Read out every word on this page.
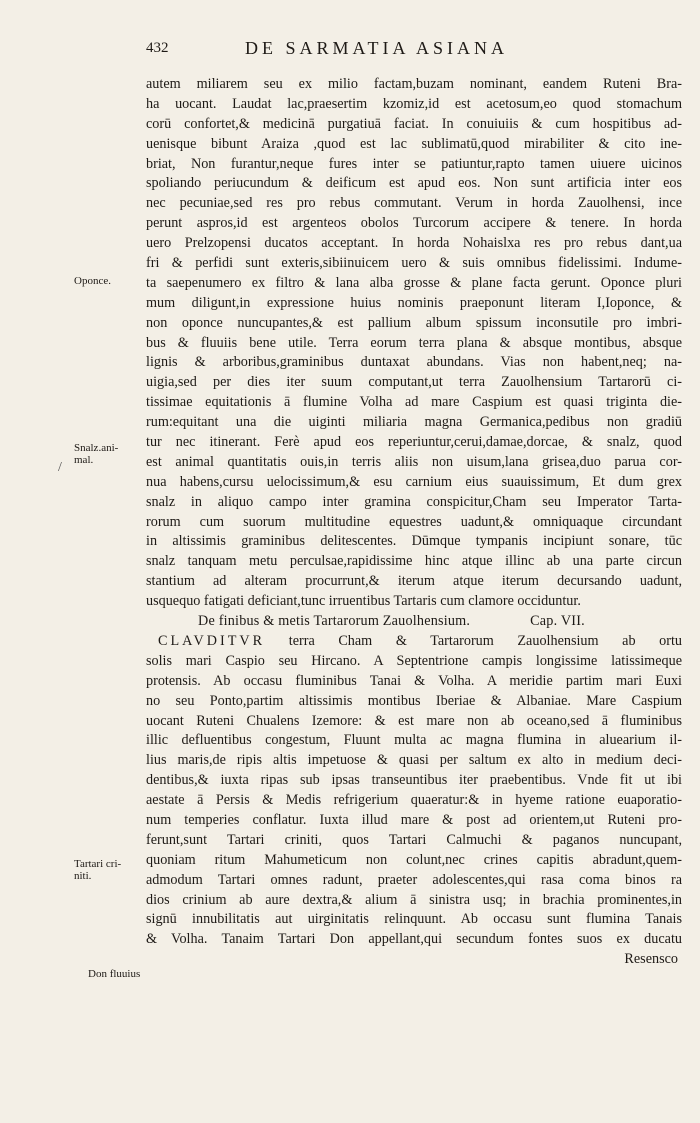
432	DE SARMATIA ASIANA
autem miliarem seu ex milio factam,buzam nominant, eandem Ruteni Bra-
ha uocant. Laudat lac,praesertim kzomiz,id est acetosum,eo quod stomachum
corū confortet,& medicinā purgatiuā faciat. In conuiuiis & cum hospitibus ad-
uenisque bibunt Araiza ,quod est lac sublimatū,quod mirabiliter & cito ine-
briat, Non furantur,neque fures inter se patiuntur,rapto tamen uiuere uicinos
spoliando periucundum & deificum est apud eos. Non sunt artificia inter eos
nec pecuniae,sed res pro rebus commutant. Verum in horda Zauolhensi, ince
perunt aspros,id est argenteos obolos Turcorum accipere & tenere. In horda
uero Prelzopensi ducatos acceptant. In horda Nohaislxa res pro rebus dant,ua
fri & perfidi sunt exteris,sibiinuicem uero & suis omnibus fidelissimi. Indume-
ta saepenumero ex filtro & lana alba grosse & plane facta gerunt. Oponce pluri
mum diligunt,in expressione huius nominis praeponunt literam I,Ioponce, &
non oponce nuncupantes,& est pallium album spissum inconsutile pro imbri-
bus & fluuiis bene utile. Terra eorum terra plana & absque montibus, absque
lignis & arboribus,graminibus duntaxat abundans. Vias non habent,neq; na-
uigia,sed per dies iter suum computant,ut terra Zauolhensium Tartarorū ci-
tissimae equitationis ā flumine Volha ad mare Caspium est quasi triginta die-
rum:equitant una die uiginti miliaria magna Germanica,pedibus non gradiū
tur nec itinerant. Ferè apud eos reperiuntur,cerui,damae,dorcae, & snalz, quod
est animal quantitatis ouis,in terris aliis non uisum,lana grisea,duo parua cor-
nua habens,cursu uelocissimum,& esu carnium eius suauissimum, Et dum grex
snalz in aliquo campo inter gramina conspicitur,Cham seu Imperator Tarta-
rorum cum suorum multitudine equestres uadunt,& omniquaque circundant
in altissimis graminibus delitescentes. Dūmque tympanis incipiunt sonare, tūc
snalz tanquam metu perculsae,rapidissime hinc atque illinc ab una parte circun
stantium ad alteram procurrunt,& iterum atque iterum decursando uadunt,
usquequo fatigati deficiant,tunc irruentibus Tartaris cum clamore occiduntur.
De finibus & metis Tartarorum Zauolhensium.	Cap. VII.
CLAVDITVR terra Cham & Tartarorum Zauolhensium ab ortu
solis mari Caspio seu Hircano. A Septentrione campis longissime latissimeque
protensis. Ab occasu fluminibus Tanai & Volha. A meridie partim mari Euxi
no seu Ponto,partim altissimis montibus Iberiae & Albaniae. Mare Caspium
uocant Ruteni Chualens Izemore: & est mare non ab oceano,sed ā fluminibus
illic defluentibus congestum, Fluunt multa ac magna flumina in aluearium il-
lius maris,de ripis altis impetuose & quasi per saltum ex alto in medium deci-
dentibus,& iuxta ripas sub ipsas transeuntibus iter praebentibus. Vnde fit ut ibi
aestate ā Persis & Medis refrigerium quaeratur:& in hyeme ratione euaporatio-
num temperies conflatur. Iuxta illud mare & post ad orientem,ut Ruteni pro-
ferunt,sunt Tartari criniti, quos Tartari Calmuchi & paganos nuncupant,
quoniam ritum Mahumeticum non colunt,nec crines capitis abradunt,quem-
admodum Tartari omnes radunt, praeter adolescentes,qui rasa coma binos ra
dios crinium ab aure dextra,& alium ā sinistra usq; in brachia prominentes,in
signū innubilitatis aut uirginitatis relinquunt. Ab occasu sunt flumina Tanais
& Volha. Tanaim Tartari Don appellant,qui secundum fontes suos ex ducatu
Resensco
Oponce.
Snalz.ani-
mal.
Tartari cri-
niti.
Don fluuius
/
